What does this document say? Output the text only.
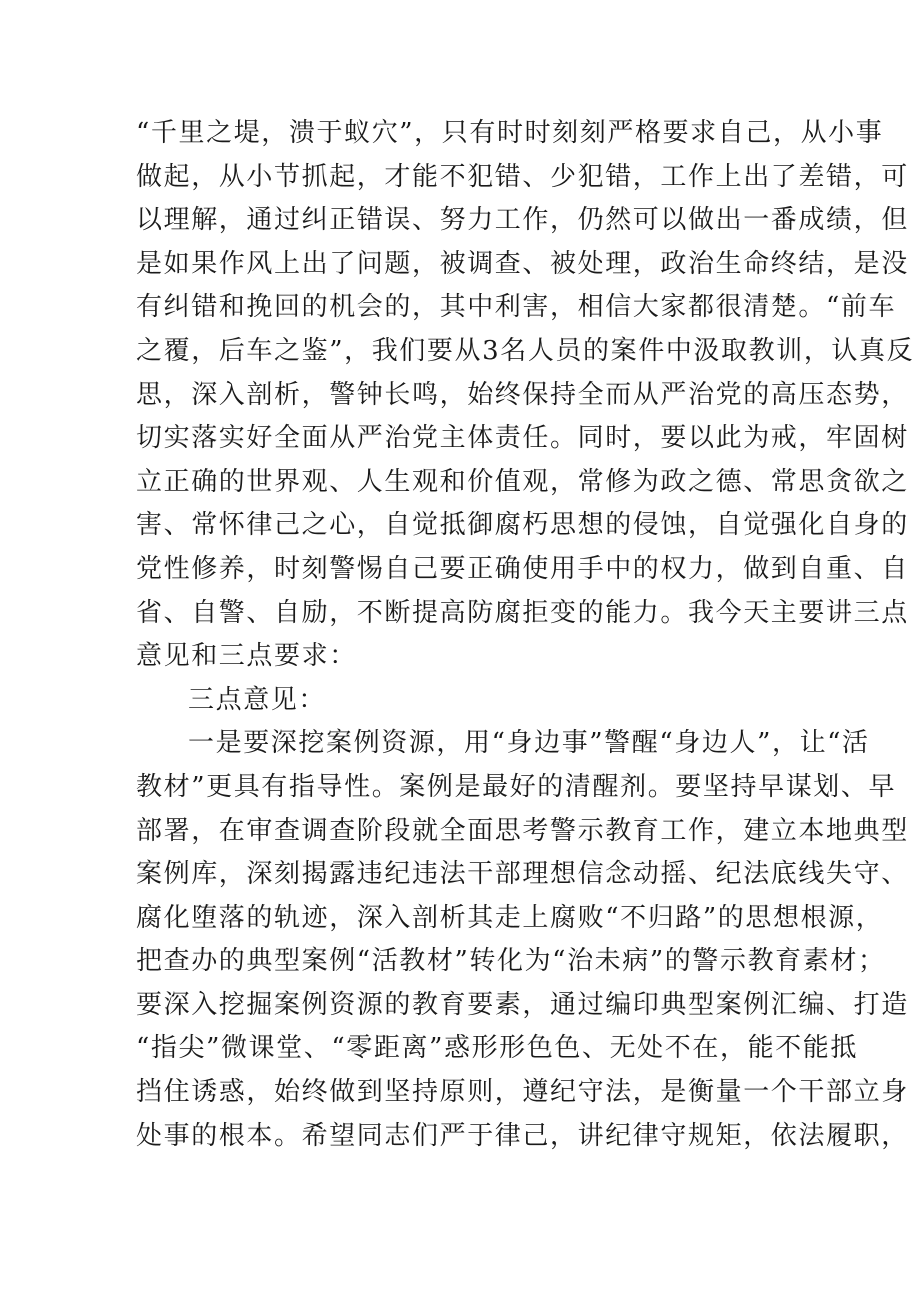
“千里之堤，溃于蚁穴”，只有时时刻刻严格要求自己，从小事
做起，从小节抓起，才能不犯错、少犯错，工作上出了差错，可
以理解，通过纠正错误、努力工作，仍然可以做出一番成绩，但
是如果作风上出了问题，被调查、被处理，政治生命终结，是没
有纠错和挽回的机会的，其中利害，相信大家都很清楚。“前车
之覆，后车之鉴”，我们要从3名人员的案件中汲取教训，认真反
思，深入剖析，警钟长鸣，始终保持全而从严治党的高压态势，
切实落实好全面从严治党主体责任。同时，要以此为戒，牢固树
立正确的世界观、人生观和价值观，常修为政之德、常思贪欲之
害、常怀律己之心，自觉抵御腐朽思想的侵蚀，自觉强化自身的
党性修养，时刻警惕自己要正确使用手中的权力，做到自重、自
省、自警、自励，不断提高防腐拒变的能力。我今天主要讲三点
意见和三点要求：
三点意见：
一是要深挖案例资源，用“身边事”警醒“身边人”，让“活
教材”更具有指导性。案例是最好的清醒剂。要坚持早谋划、早
部署，在审查调查阶段就全面思考警示教育工作，建立本地典型
案例库，深刻揭露违纪违法干部理想信念动摇、纪法底线失守、
腐化堕落的轨迹，深入剖析其走上腐败“不归路”的思想根源，
把查办的典型案例“活教材”转化为“治未病”的警示教育素材；
要深入挖掘案例资源的教育要素，通过编印典型案例汇编、打造
“指尖”微课堂、“零距离”惑形形色色、无处不在，能不能抵
挡住诱惑，始终做到坚持原则，遵纪守法，是衡量一个干部立身
处事的根本。希望同志们严于律己，讲纪律守规矩，依法履职，
